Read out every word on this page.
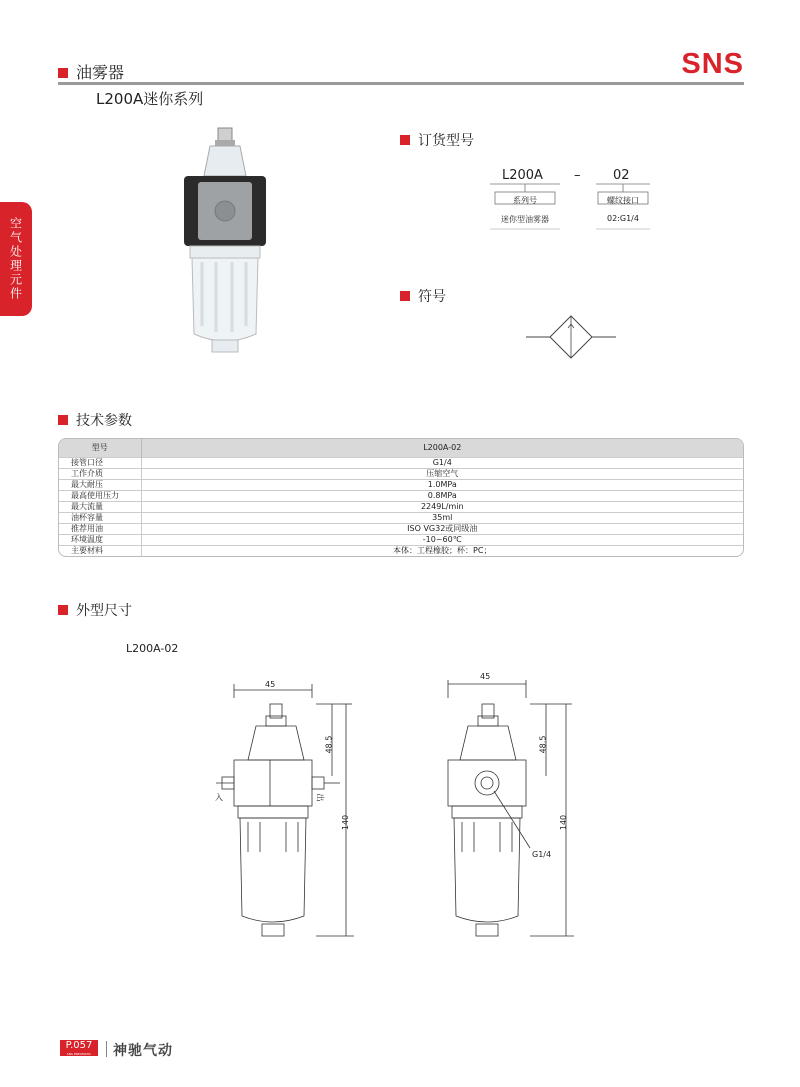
油雾器
L200A迷你系列
SNS
空气处理元件
订货型号
L200A –	02
系列号	螺纹接口
迷你型油雾器	02:G1/4
符号
技术参数
型号	L200A-02
接管口径	G1/4
工作介质	压缩空气
最大耐压	1.0MPa
最高使用压力	0.8MPa
最大流量	2249L/min
油杯容量	35ml
推荐用油	ISO VG32或同级油
环境温度	-10~60℃
主要材料	本体：工程橡胶；杯：PC；
外型尺寸
L200A-02
45
48.5
140
入	出
45
48.5
140
G1/4
P.057
SNS PNEUMATIC	神驰气动
